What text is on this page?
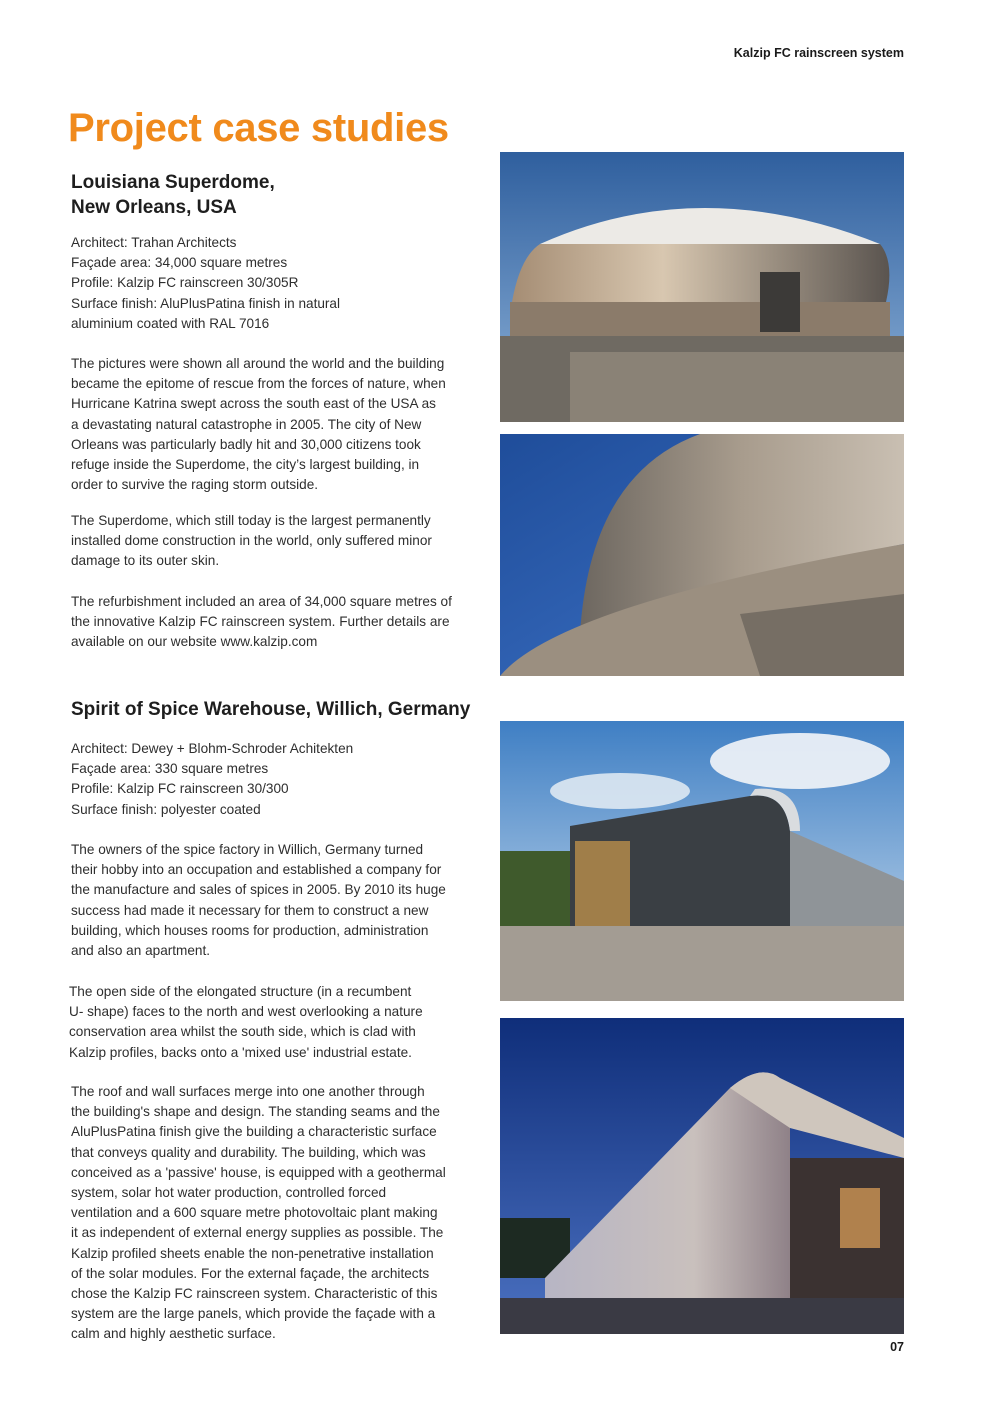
Kalzip FC rainscreen system
Project case studies
Louisiana Superdome,
New Orleans, USA

Architect: Trahan Architects

Façade area: 34,000 square metres

Profile: Kalzip FC rainscreen 30/305R

Surface finish: AluPlusPatina finish in natural

aluminium coated with RAL 7016

The pictures were shown all around the world and the building
became the epitome of rescue from the forces of nature, when
Hurricane Katrina swept across the south east of the USA as
a devastating natural catastrophe in 2005. The city of New
Orleans was particularly badly hit and 30,000 citizens took
refuge inside the Superdome, the city’s largest building, in
order to survive the raging storm outside.

The Superdome, which still today is the largest permanently
installed dome construction in the world, only suffered minor
damage to its outer skin.

The refurbishment included an area of 34,000 square metres of
the innovative Kalzip FC rainscreen system. Further details are
available on our website www.kalzip.com

Spirit of Spice Warehouse, Willich, Germany

Architect: Dewey + Blohm-Schroder Achitekten

Façade area: 330 square metres

Profile: Kalzip FC rainscreen 30/300

Surface finish: polyester coated

The owners of the spice factory in Willich, Germany turned
their hobby into an occupation and established a company for
the manufacture and sales of spices in 2005. By 2010 its huge
success had made it necessary for them to construct a new
building, which houses rooms for production, administration
and also an apartment.

The open side of the elongated structure (in a recumbent
U- shape) faces to the north and west overlooking a nature
conservation area whilst the south side, which is clad with
Kalzip profiles, backs onto a 'mixed use' industrial estate.

The roof and wall surfaces merge into one another through
the building's shape and design. The standing seams and the
AluPlusPatina finish give the building a characteristic surface
that conveys quality and durability. The building, which was
conceived as a 'passive' house, is equipped with a geothermal
system, solar hot water production, controlled forced
ventilation and a 600 square metre photovoltaic plant making
it as independent of external energy supplies as possible. The
Kalzip profiled sheets enable the non-penetrative installation
of the solar modules. For the external façade, the architects
chose the Kalzip FC rainscreen system. Characteristic of this
system are the large panels, which provide the façade with a
calm and highly aesthetic surface.

07
